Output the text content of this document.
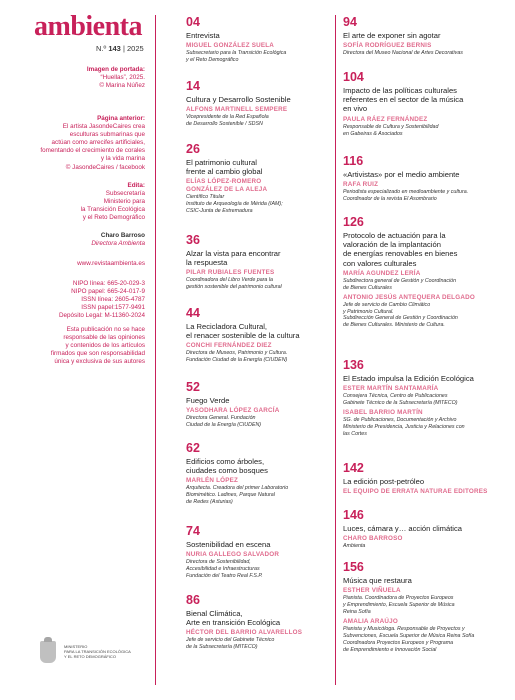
ambienta
N.º 143 | 2025
Imagen de portada:
“Huellas”, 2025.
© Marina Núñez
Página anterior:
El artista JasondeCaires crea
esculturas submarinas que
actúan como arrecifes artificiales,
fomentando el crecimiento de corales
y la vida marina
© JasondeCaires / facebook
Edita:
Subsecretaría
Ministerio para
la Transición Ecológica
y el Reto Demográfico
Charo Barroso
Directora Ambienta
www.revistaambienta.es
NIPO línea: 665-20-029-3
NIPO papel: 665-24-017-9
ISSN línea: 2605-4787
ISSN papel:1577-9491
Depósito Legal: M-11360-2024
Esta publicación no se hace
responsable de las opiniones
y contenidos de los artículos
firmados que son responsabilidad
única y exclusiva de sus autores
04
Entrevista
MIGUEL GONZÁLEZ SUELA
Subsecretario para la Transición Ecológica
y el Reto Demográfico
14
Cultura y Desarrollo Sostenible
ALFONS MARTINELL SEMPERE
Vicepresidente de la Red Española
de Desarrollo Sostenible / SDSN
26
El patrimonio cultural
frente al cambio global
ELÍAS LÓPEZ-ROMERO
GONZÁLEZ DE LA ALEJA
Científico Titular
Instituto de Arqueología de Mérida (IAM);
CSIC-Junta de Extremadura
36
Alzar la vista para encontrar
la respuesta
PILAR RUBIALES FUENTES
Coordinadora del Libro Verde para la
gestión sostenible del patrimonio cultural
44
La Recicladora Cultural,
el renacer sostenible de la cultura
CONCHI FERNÁNDEZ DIEZ
Directora de Museos, Patrimonio y Cultura.
Fundación Ciudad de la Energía (CIUDEN)
52
Fuego Verde
YASODHARA LÓPEZ GARCÍA
Directora General. Fundación
Ciudad de la Energía (CIUDEN)
62
Edificios como árboles,
ciudades como bosques
MARLÉN LÓPEZ
Arquitecta. Creadora del primer Laboratorio
Biomimético. Ladines, Parque Natural
de Redes (Asturias)
74
Sostenibilidad en escena
NURIA GALLEGO SALVADOR
Directora de Sostenibilidad,
Accesibilidad e Infraestructuras
Fundación del Teatro Real F.S.P.
86
Bienal Climática,
Arte en transición Ecológica
HÉCTOR DEL BARRIO ALVARELLOS
Jefe de servicio del Gabinete Técnico
de la Subsecretaría (MITECO)
94
El arte de exponer sin agotar
SOFÍA RODRÍGUEZ BERNIS
Directora del Museo Nacional de Artes Decorativas
104
Impacto de las políticas culturales
referentes en el sector de la música
en vivo
PAULA RÁEZ FERNÁNDEZ
Responsable de Cultura y Sostenibilidad
en Gabeiras & Asociados
116
«Artivistas» por el medio ambiente
RAFA RUIZ
Periodista especializado en medioambiente y cultura.
Coordinador de la revista El Asombrario
126
Protocolo de actuación para la
valoración de la implantación
de energías renovables en bienes
con valores culturales
MARÍA AGUNDEZ LERÍA
Subdirectora general de Gestión y Coordinación
de Bienes Culturales
ANTONIO JESÚS ANTEQUERA DELGADO
Jefe de servicio de Cambio Climático
y Patrimonio Cultural.
Subdirección General de Gestión y Coordinación
de Bienes Culturales. Ministerio de Cultura.
136
El Estado impulsa la Edición Ecológica
ESTER MARTÍN SANTAMARÍA
Consejera Técnica, Centro de Publicaciones
Gabinete Técnico de la Subsecretaría (MITECO)
ISABEL BARRIO MARTÍN
SG. de Publicaciones, Documentación y Archivo
Ministerio de Presidencia, Justicia y Relaciones con
las Cortes
142
La edición post-petróleo
EL EQUIPO DE ERRATA NATURAE EDITORES
146
Luces, cámara y… acción climática
CHARO BARROSO
Ambienta
156
Música que restaura
ESTHER VIÑUELA
Pianista. Coordinadora de Proyectos Europeos
y Emprendimiento, Escuela Superior de Música
Reina Sofía
AMALIA ARAÚJO
Pianista y Musicóloga. Responsable de Proyectos y
Subvenciones, Escuela Superior de Música Reina Sofía
Coordinadora Proyectos Europeos y Programa
de Emprendimiento e Innovación Social
MINISTERIO
PARA LA TRANSICIÓN ECOLÓGICA
Y EL RETO DEMOGRÁFICO
